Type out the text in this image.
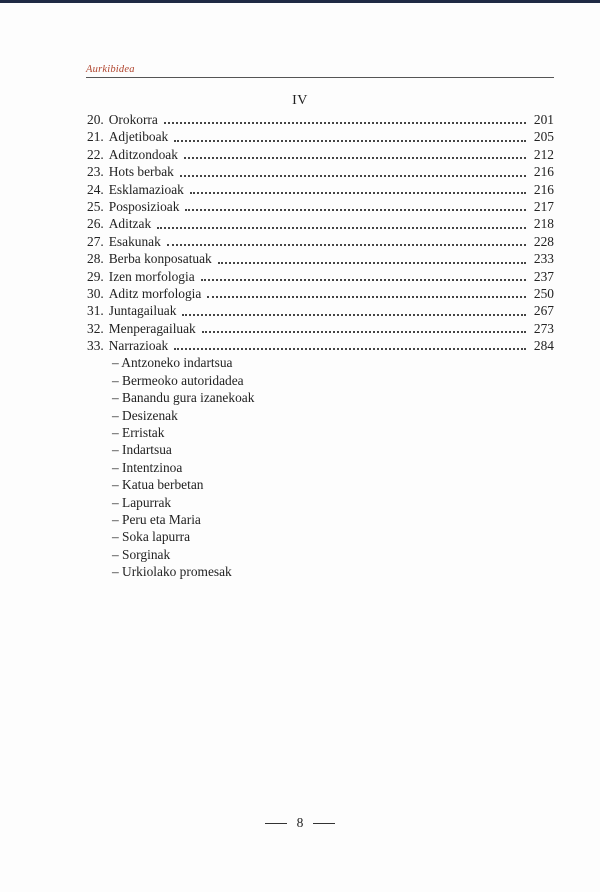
Aurkibidea
IV
20. Orokorra	201
21. Adjetiboak	205
22. Aditzondoak	212
23. Hots berbak	216
24. Esklamazioak	216
25. Posposizioak	217
26. Aditzak	218
27. Esakunak	228
28. Berba konposatuak	233
29. Izen morfologia	237
30. Aditz morfologia	250
31. Juntagailuak	267
32. Menperagailuak	273
33. Narrazioak	284
– Antzoneko indartsua
– Bermeoko autoridadea
– Banandu gura izanekoak
– Desizenak
– Erristak
– Indartsua
– Intentzinoa
– Katua berbetan
– Lapurrak
– Peru eta Maria
– Soka lapurra
– Sorginak
– Urkiolako promesak
8
